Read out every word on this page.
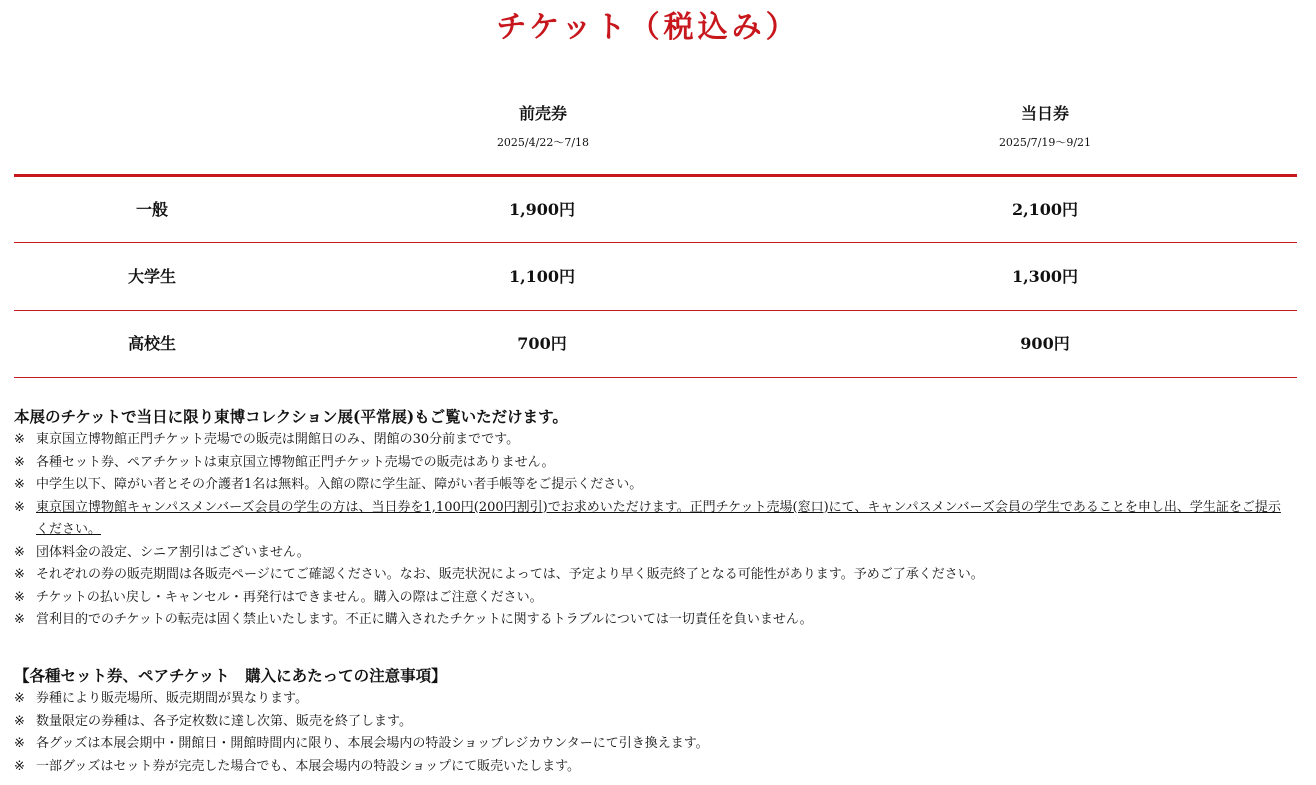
チケット（税込み）
前売券
2025/4/22～7/18
当日券
2025/7/19～9/21
一般	1,900円	2,100円
大学生	1,100円	1,300円
高校生	700円	900円
本展のチケットで当日に限り東博コレクション展(平常展)もご覧いただけます。
※ 東京国立博物館正門チケット売場での販売は開館日のみ、閉館の30分前までです。
※ 各種セット券、ペアチケットは東京国立博物館正門チケット売場での販売はありません。
※ 中学生以下、障がい者とその介護者1名は無料。入館の際に学生証、障がい者手帳等をご提示ください。
※ 東京国立博物館キャンパスメンバーズ会員の学生の方は、当日券を1,100円(200円割引)でお求めいただけます。正門チケット売場(窓口)にて、キャンパスメンバーズ会員の学生であることを申し出、学生証をご提示ください。
※ 団体料金の設定、シニア割引はございません。
※ それぞれの券の販売期間は各販売ページにてご確認ください。なお、販売状況によっては、予定より早く販売終了となる可能性があります。予めご了承ください。
※ チケットの払い戻し・キャンセル・再発行はできません。購入の際はご注意ください。
※ 営利目的でのチケットの転売は固く禁止いたします。不正に購入されたチケットに関するトラブルについては一切責任を負いません。
【各種セット券、ペアチケット　購入にあたっての注意事項】
※ 券種により販売場所、販売期間が異なります。
※ 数量限定の券種は、各予定枚数に達し次第、販売を終了します。
※ 各グッズは本展会期中・開館日・開館時間内に限り、本展会場内の特設ショップレジカウンターにて引き換えます。
※ 一部グッズはセット券が完売した場合でも、本展会場内の特設ショップにて販売いたします。
